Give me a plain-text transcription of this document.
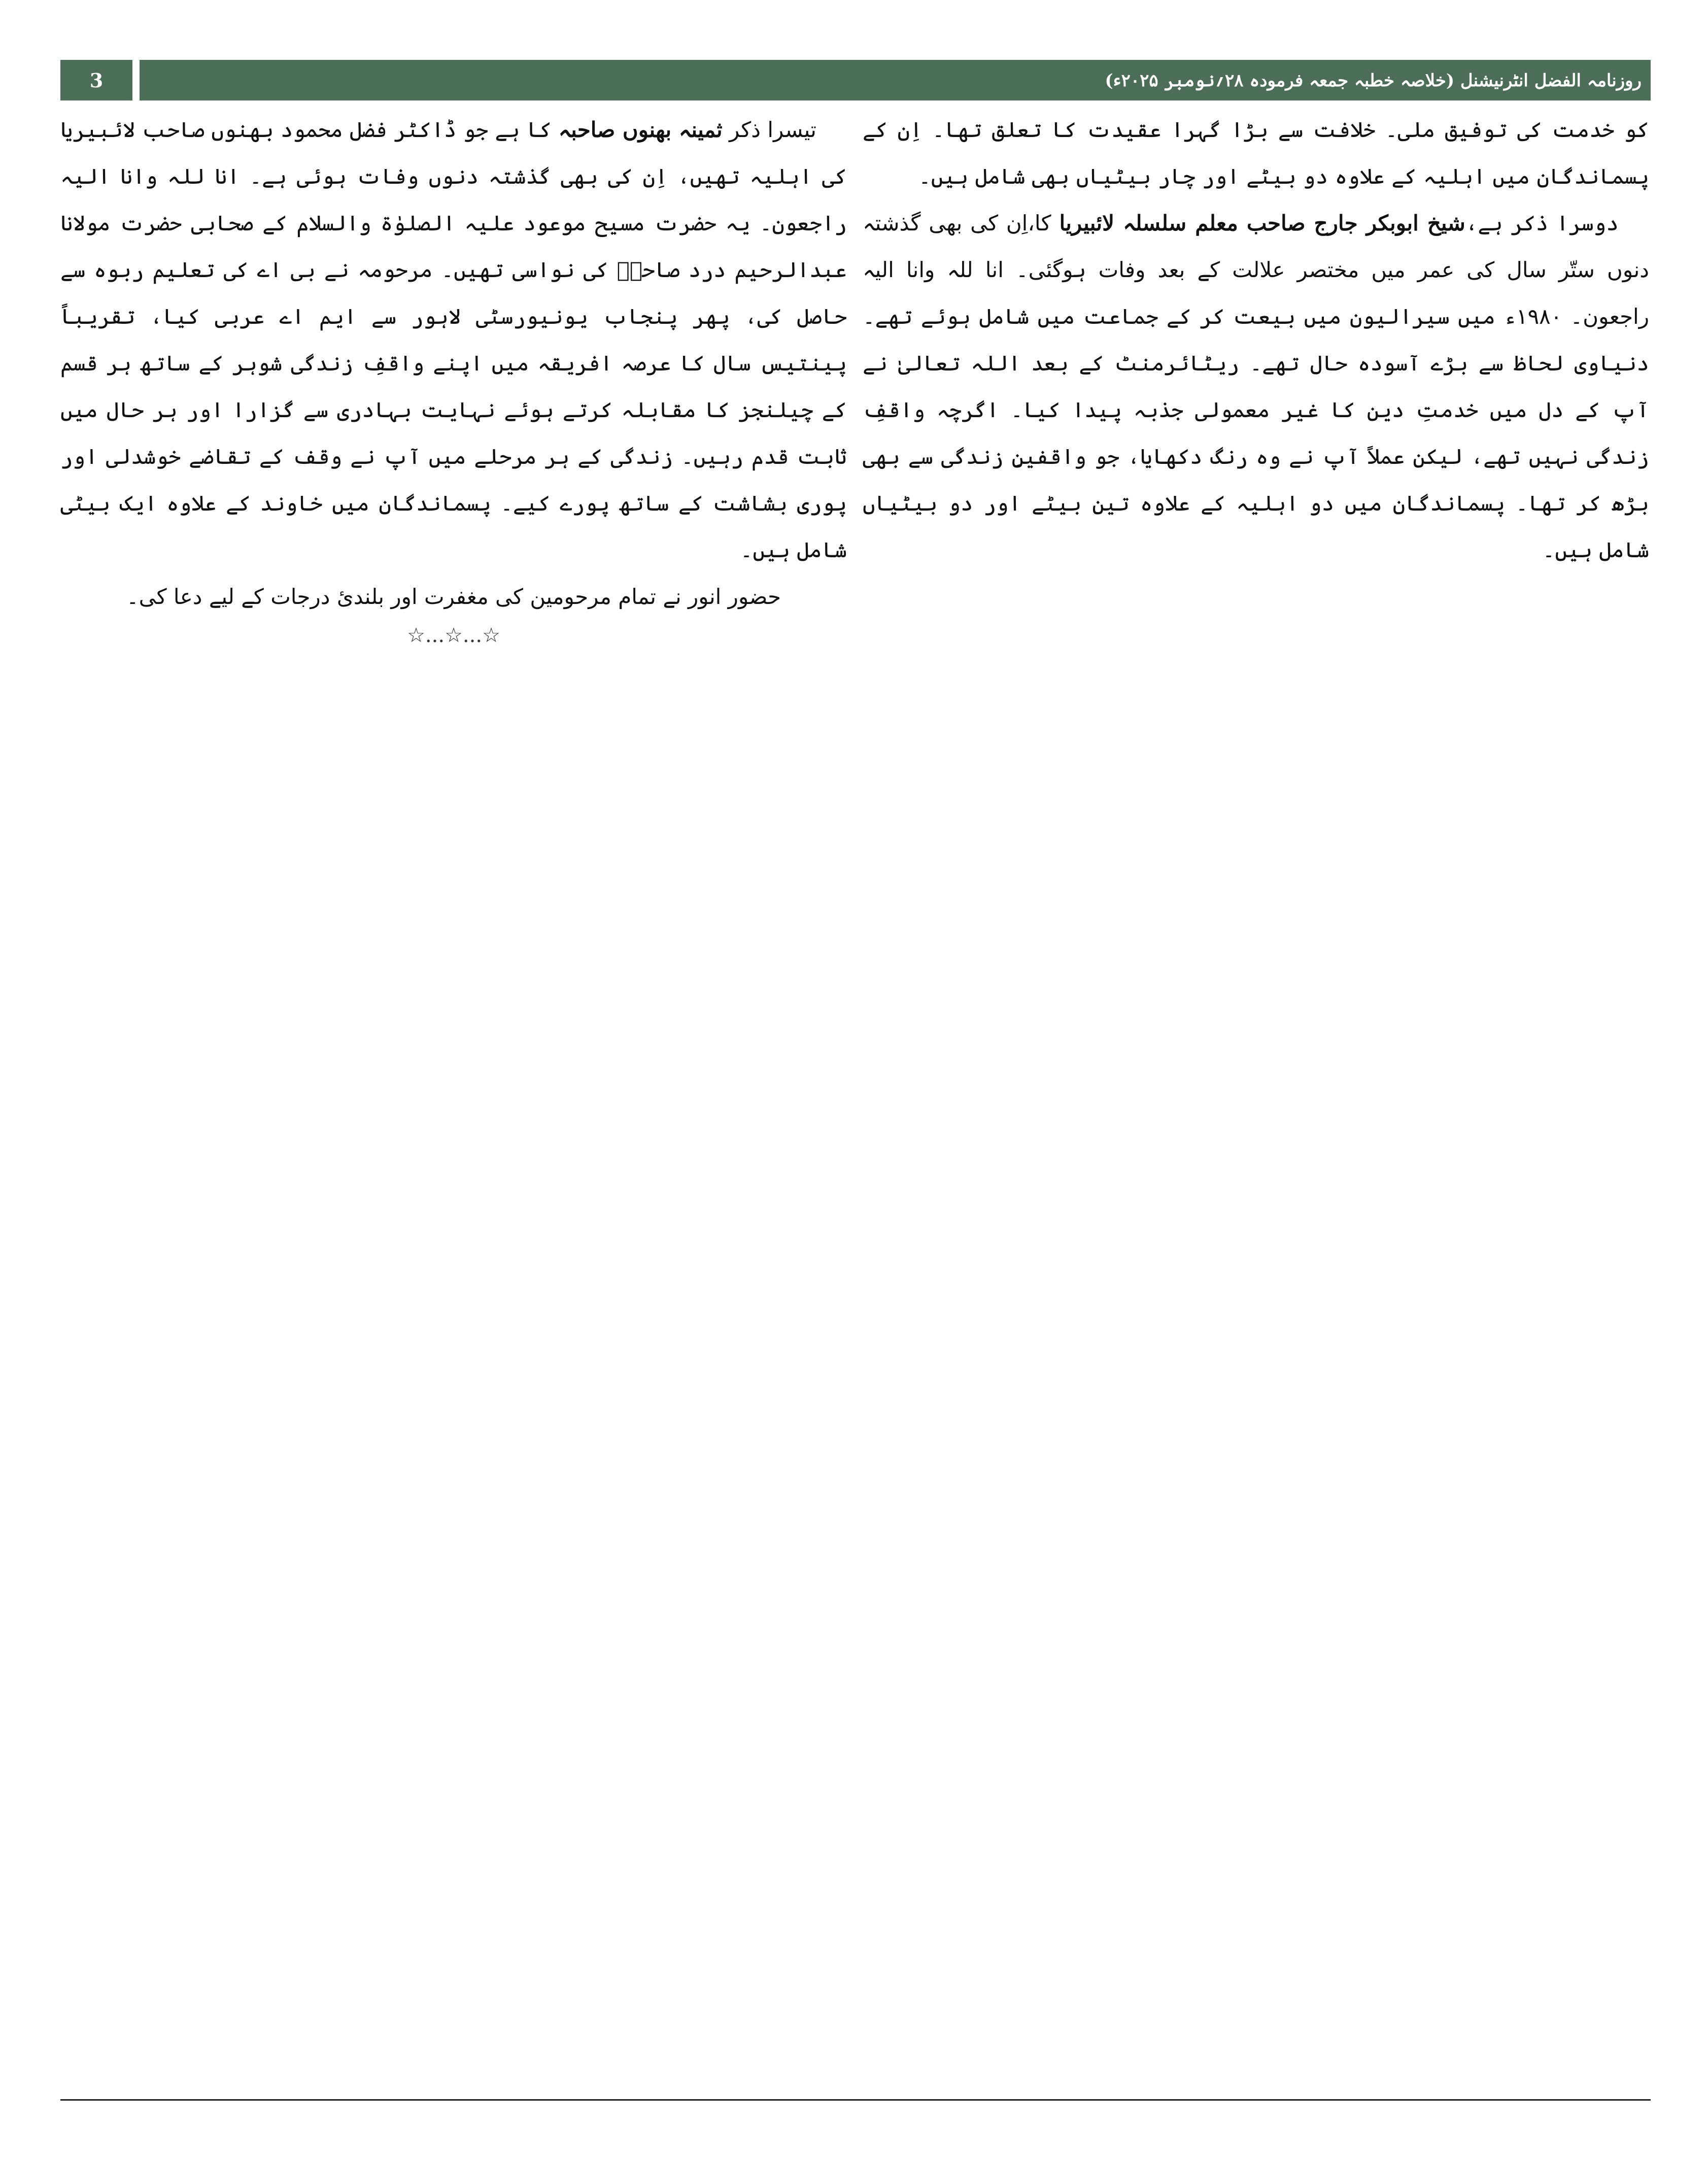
روزنامہ الفضل انٹرنیشنل (خلاصہ خطبہ جمعہ فرمودہ ۲۸؍نومبر ۲۰۲۵ء)
3

کو خدمت کی توفیق ملی۔ خلافت سے بڑا گہرا عقیدت کا تعلق تھا۔ اِن کے پسماندگان میں اہلیہ کے علاوہ دو بیٹے اور چار بیٹیاں بھی شامل ہیں۔

دوسرا ذکر ہے،شیخ ابوبکر جارج صاحب معلم سلسلہ لائبیریا کا،اِن کی بھی گذشتہ دنوں ستّر سال کی عمر میں مختصر علالت کے بعد وفات ہوگئی۔ انا للہ وانا الیہ راجعون۔ ۱۹۸۰ء میں سیرالیون میں بیعت کر کے جماعت میں شامل ہوئے تھے۔ دنیاوی لحاظ سے بڑے آسودہ حال تھے۔ ریٹائرمنٹ کے بعد اللہ تعالیٰ نے آپ کے دل میں خدمتِ دین کا غیر معمولی جذبہ پیدا کیا۔ اگرچہ واقفِ زندگی نہیں تھے، لیکن عملاً آپ نے وہ رنگ دکھایا، جو واقفینِ زندگی سے بھی بڑھ کر تھا۔ پسماندگان میں دو اہلیہ کے علاوہ تین بیٹے اور دو بیٹیاں شامل ہیں۔

تیسرا ذکر ثمینہ بھنوں صاحبہ کا ہے جو ڈاکٹر فضل محمود بھنوں صاحب لائبیریا کی اہلیہ تھیں، اِن کی بھی گذشتہ دنوں وفات ہوئی ہے۔ انا للہ وانا الیہ راجعون۔ یہ حضرت مسیح موعود علیہ الصلوٰۃ والسلام کے صحابی حضرت مولانا عبدالرحیم درد صاحبؓ کی نواسی تھیں۔ مرحومہ نے بی اے کی تعلیم ربوہ سے حاصل کی، پھر پنجاب یونیورسٹی لاہور سے ایم اے عربی کیا، تقریباً پینتیس سال کا عرصہ افریقہ میں اپنے واقفِ زندگی شوہر کے ساتھ ہر قسم کے چیلنجز کا مقابلہ کرتے ہوئے نہایت بہادری سے گزارا اور ہر حال میں ثابت قدم رہیں۔ زندگی کے ہر مرحلے میں آپ نے وقف کے تقاضے خوشدلی اور پوری بشاشت کے ساتھ پورے کیے۔ پسماندگان میں خاوند کے علاوہ ایک بیٹی شامل ہیں۔

حضور انور نے تمام مرحومین کی مغفرت اور بلندیٔ درجات کے لیے دعا کی۔

☆...☆...☆
